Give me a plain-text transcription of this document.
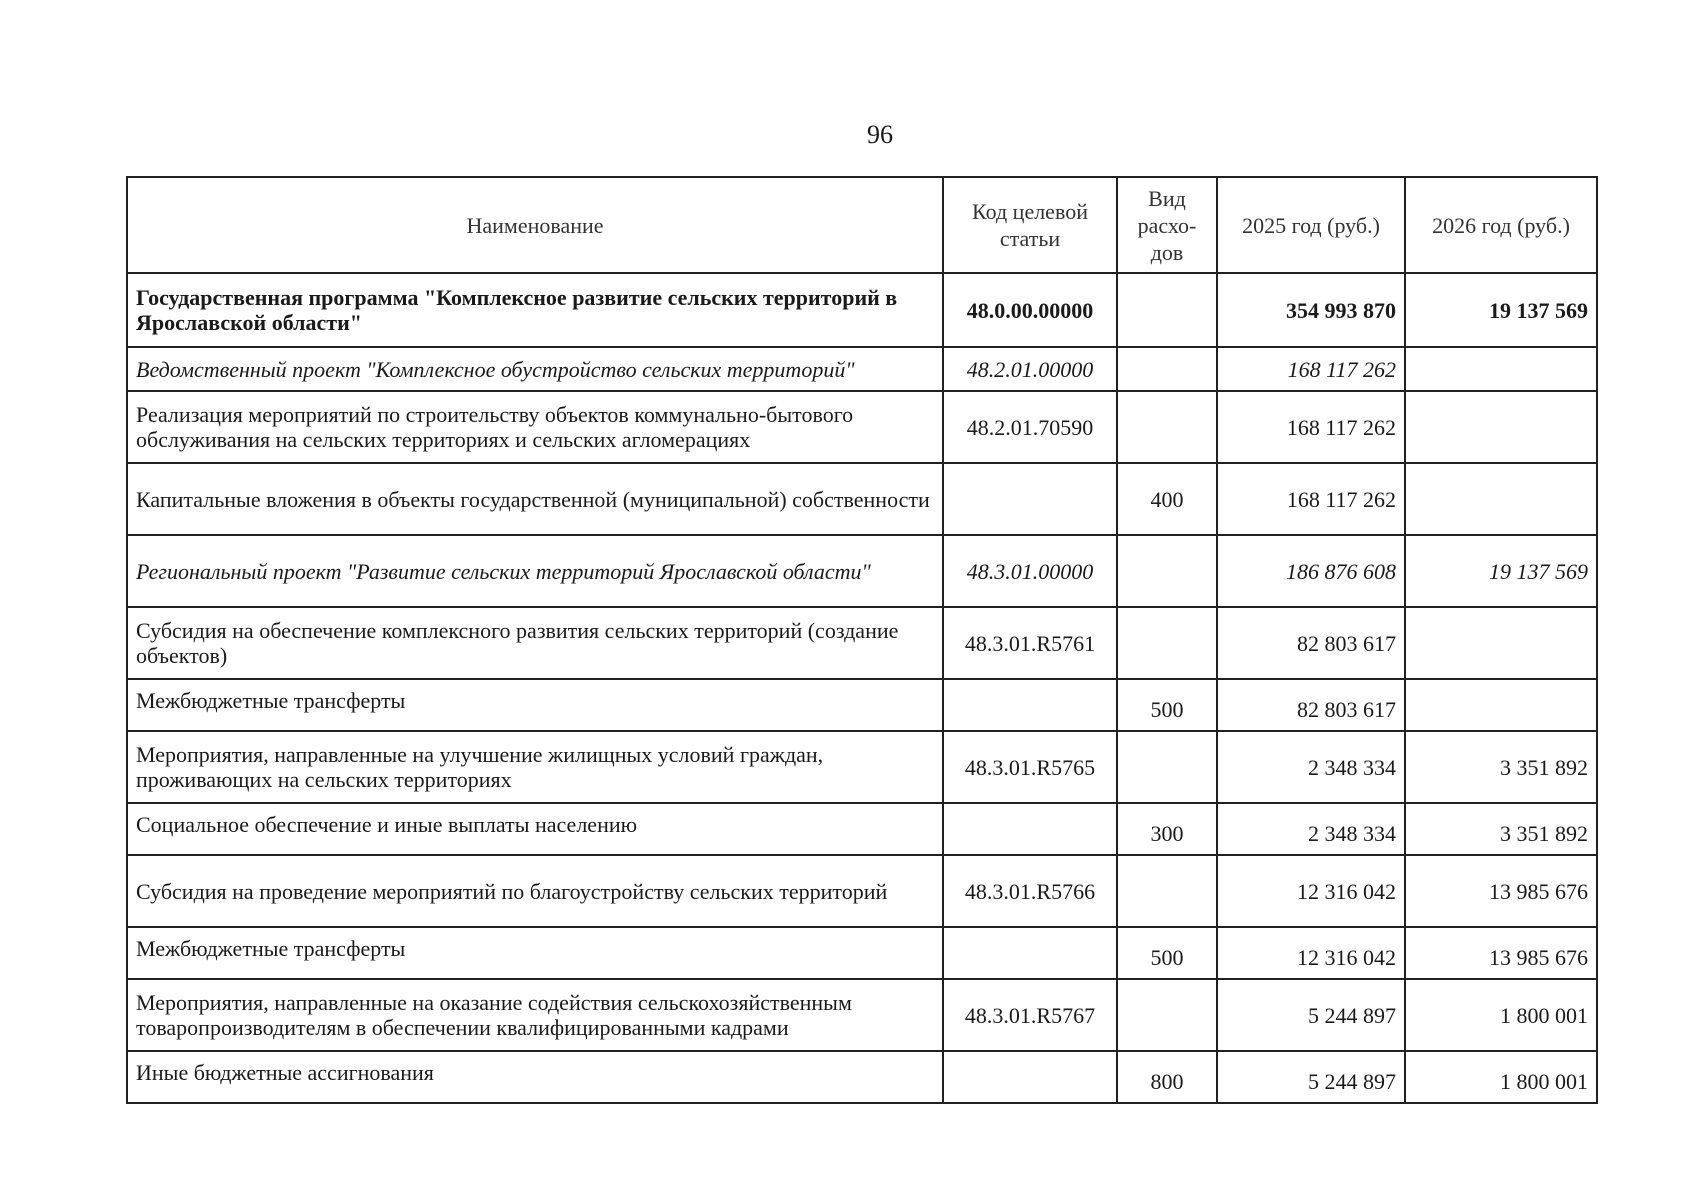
96
Наименование	Код целевой статьи	Вид расхо-дов	2025 год (руб.)	2026 год (руб.)
Государственная программа "Комплексное развитие сельских территорий в Ярославской области"	48.0.00.00000		354 993 870	19 137 569
Ведомственный проект "Комплексное обустройство сельских территорий"	48.2.01.00000		168 117 262	
Реализация мероприятий по строительству объектов коммунально-бытового обслуживания на сельских территориях и сельских агломерациях	48.2.01.70590		168 117 262	
Капитальные вложения в объекты государственной (муниципальной) собственности		400	168 117 262	
Региональный проект "Развитие сельских территорий Ярославской области"	48.3.01.00000		186 876 608	19 137 569
Субсидия на обеспечение комплексного развития сельских территорий (создание объектов)	48.3.01.R5761		82 803 617	
Межбюджетные трансферты		500	82 803 617	
Мероприятия, направленные на улучшение жилищных условий граждан, проживающих на сельских территориях	48.3.01.R5765		2 348 334	3 351 892
Социальное обеспечение и иные выплаты населению		300	2 348 334	3 351 892
Субсидия на проведение мероприятий по благоустройству сельских территорий	48.3.01.R5766		12 316 042	13 985 676
Межбюджетные трансферты		500	12 316 042	13 985 676
Мероприятия, направленные на оказание содействия сельскохозяйственным товаропроизводителям в обеспечении квалифицированными кадрами	48.3.01.R5767		5 244 897	1 800 001
Иные бюджетные ассигнования		800	5 244 897	1 800 001
